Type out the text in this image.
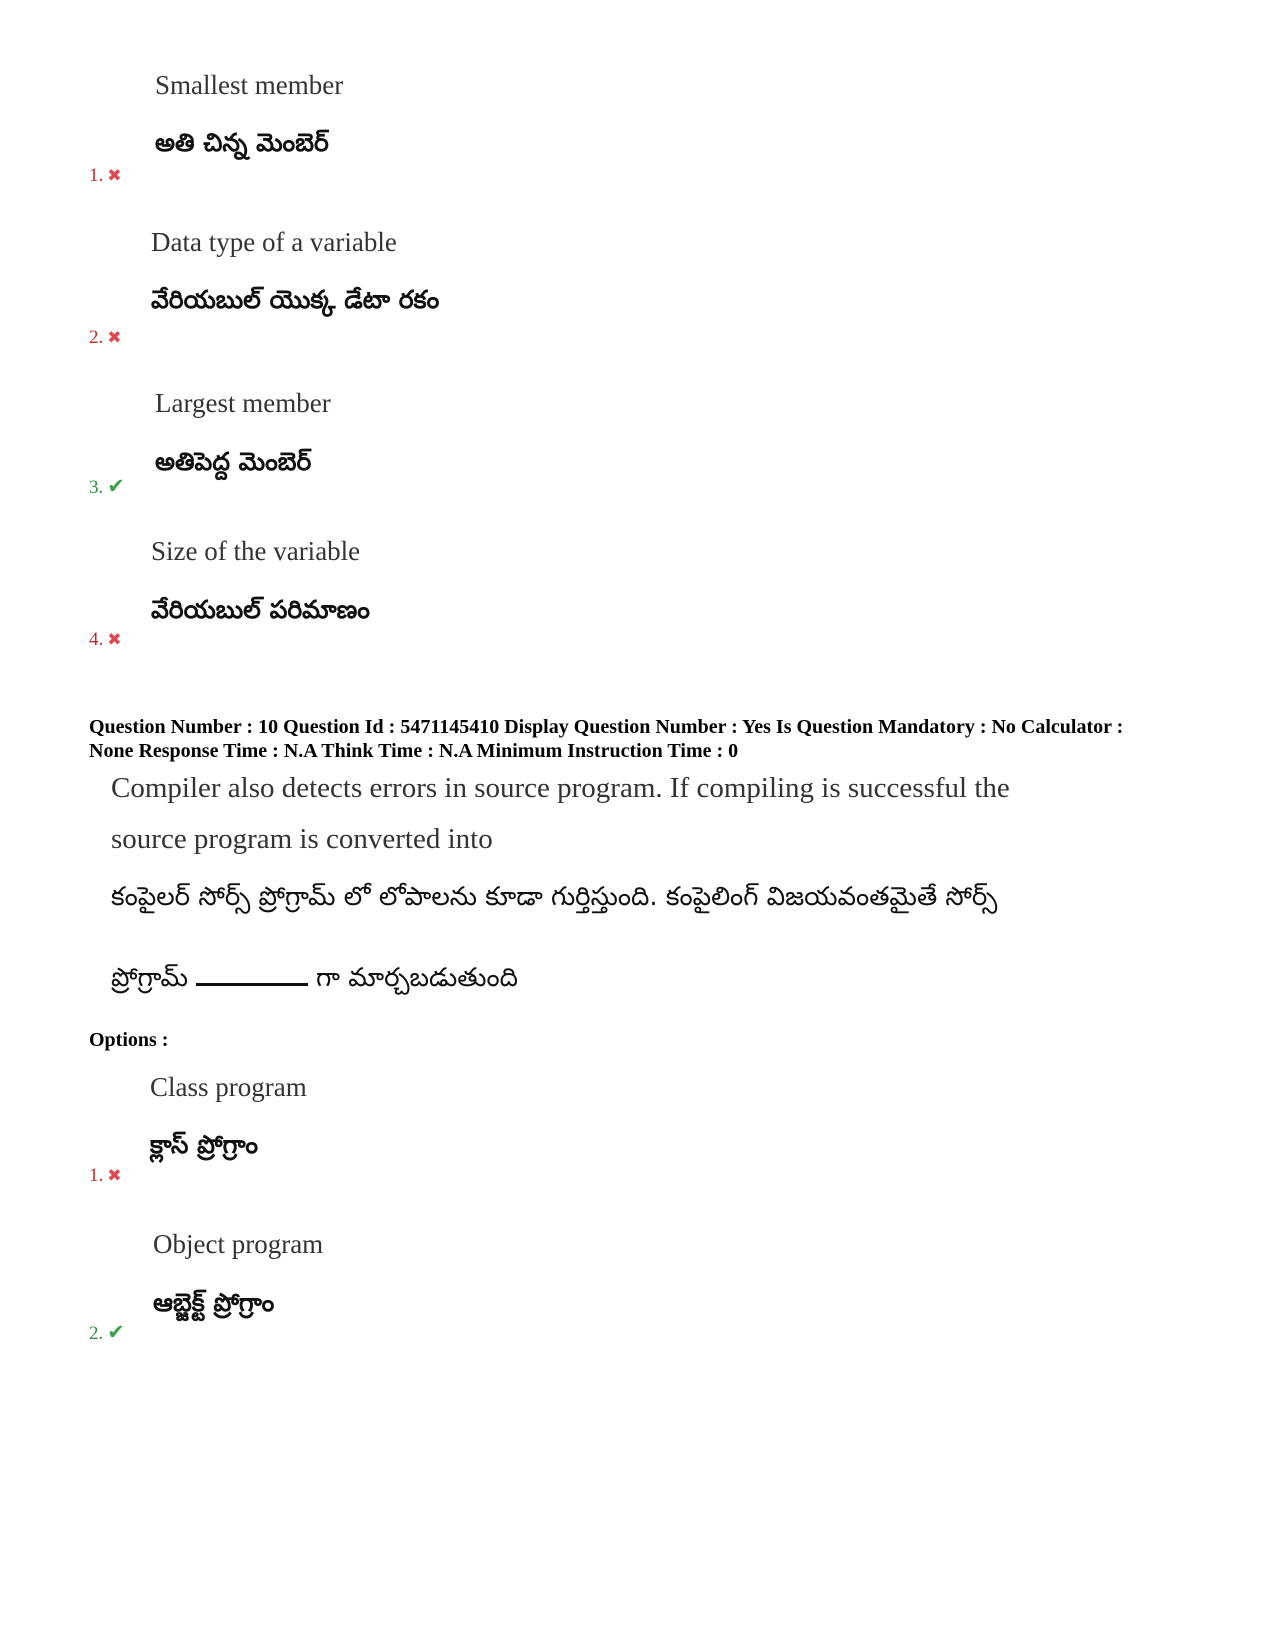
Smallest member
అతి చిన్న మెంబెర్
1. ✖
Data type of a variable
వేరియబుల్ యొక్క డేటా రకం
2. ✖
Largest member
అతిపెద్ద మెంబెర్
3. ✔
Size of the variable
వేరియబుల్ పరిమాణం
4. ✖
Question Number : 10 Question Id : 5471145410 Display Question Number : Yes Is Question Mandatory : No Calculator :
None Response Time : N.A Think Time : N.A Minimum Instruction Time : 0
Compiler also detects errors in source program. If compiling is successful the
source program is converted into
కంపైలర్ సోర్స్ ప్రోగ్రామ్ లో లోపాలను కూడా గుర్తిస్తుంది. కంపైలింగ్ విజయవంతమైతే సోర్స్
ప్రోగ్రామ్	గా మార్చబడుతుంది
Options :
Class program
క్లాస్ ప్రోగ్రాం
1. ✖
Object program
ఆబ్జెక్ట్ ప్రోగ్రాం
2. ✔
